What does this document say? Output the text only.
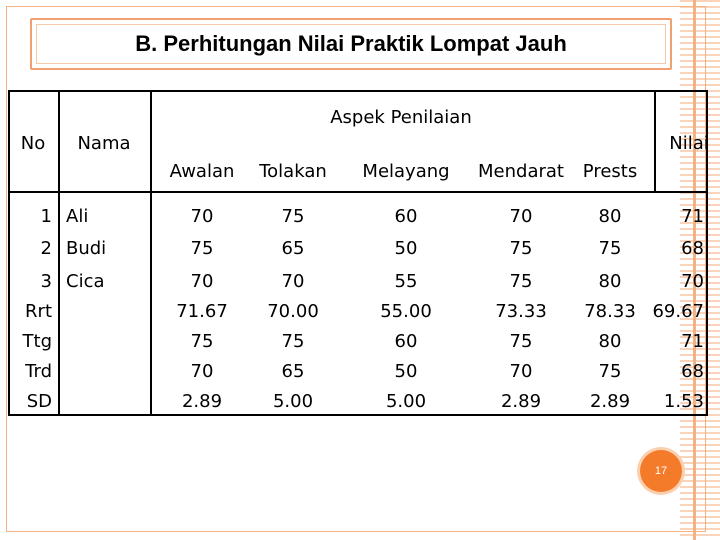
B. Perhitungan Nilai Praktik Lompat Jauh
No Nama
Aspek Penilaian
Nilai
Awalan Tolakan Melayang Mendarat Prests
1 Ali	70	75	60	70	80	71
2 Budi	75	65	50	75	75	68
3 Cica	70	70	55	75	80	70
Rrt	71.67 70.00	55.00	73.33 78.33 69.67
Ttg	75	75	60	75	80	71
Trd	70	65	50	70	75	68
SD	2.89	5.00	5.00	2.89	2.89 1.53
17
